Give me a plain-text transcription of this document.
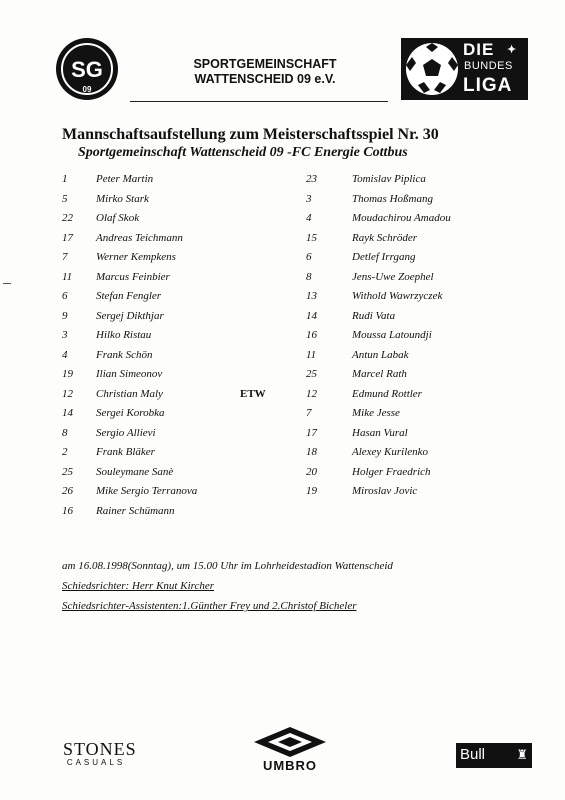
SG
09
SPORTGEMEINSCHAFT
WATTENSCHEID 09 e.V.
DIE ✦
BUNDES
LIGA
Mannschaftsaufstellung zum Meisterschaftsspiel Nr. 30
Sportgemeinschaft Wattenscheid 09 -FC Energie Cottbus
1	Peter Martin
5	Mirko Stark
22 Olaf Skok
17 Andreas Teichmann
7	Werner Kempkens
11 Marcus Feinbier
6	Stefan Fengler
9	Sergej Dikthjar
3	Hilko Ristau
4	Frank Schön
19 Ilian Simeonov
12 Christian Maly	ETW
14 Sergei Korobka
8	Sergio Allievi
2	Frank Bläker
25 Souleymane Sanè
26 Mike Sergio Terranova
16 Rainer Schümann
23	Tomislav Piplica
3	Thomas Hoßmang
4	Moudachirou Amadou
15	Rayk Schröder
6	Detlef Irrgang
8	Jens-Uwe Zoephel
13	Withold Wawrzyczek
14	Rudi Vata
16	Moussa Latoundji
11	Antun Labak
25	Marcel Rath
12	Edmund Rottler
7	Mike Jesse
17	Hasan Vural
18	Alexey Kurilenko
20	Holger Fraedrich
19	Miroslav Jovic
am 16.08.1998(Sonntag), um 15.00 Uhr im Lohrheidestadion Wattenscheid
Schiedsrichter: Herr Knut Kircher
Schiedsrichter-Assistenten:1.Günther Frey und 2.Christof Bicheler
STONES
CASUALS	UMBRO
Bull ♜
